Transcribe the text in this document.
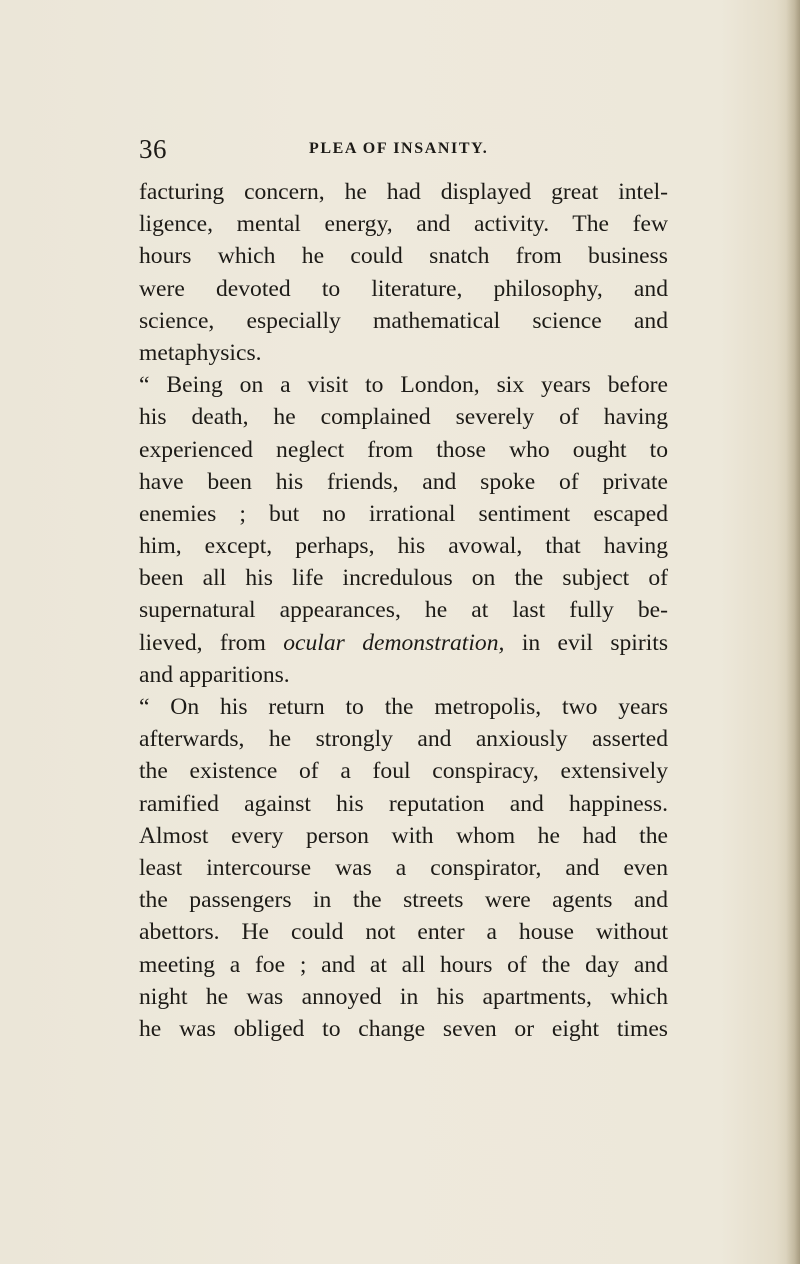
36	PLEA OF INSANITY.
facturing concern, he had displayed great intel-
ligence, mental energy, and activity. The few
hours which he could snatch from business
were devoted to literature, philosophy, and
science, especially mathematical science and
metaphysics.
“ Being on a visit to London, six years before
his death, he complained severely of having
experienced neglect from those who ought to
have been his friends, and spoke of private
enemies ; but no irrational sentiment escaped
him, except, perhaps, his avowal, that having
been all his life incredulous on the subject of
supernatural appearances, he at last fully be-
lieved, from ocular demonstration, in evil spirits
and apparitions.
“ On his return to the metropolis, two years
afterwards, he strongly and anxiously asserted
the existence of a foul conspiracy, extensively
ramified against his reputation and happiness.
Almost every person with whom he had the
least intercourse was a conspirator, and even
the passengers in the streets were agents and
abettors. He could not enter a house without
meeting a foe ; and at all hours of the day and
night he was annoyed in his apartments, which
he was obliged to change seven or eight times
